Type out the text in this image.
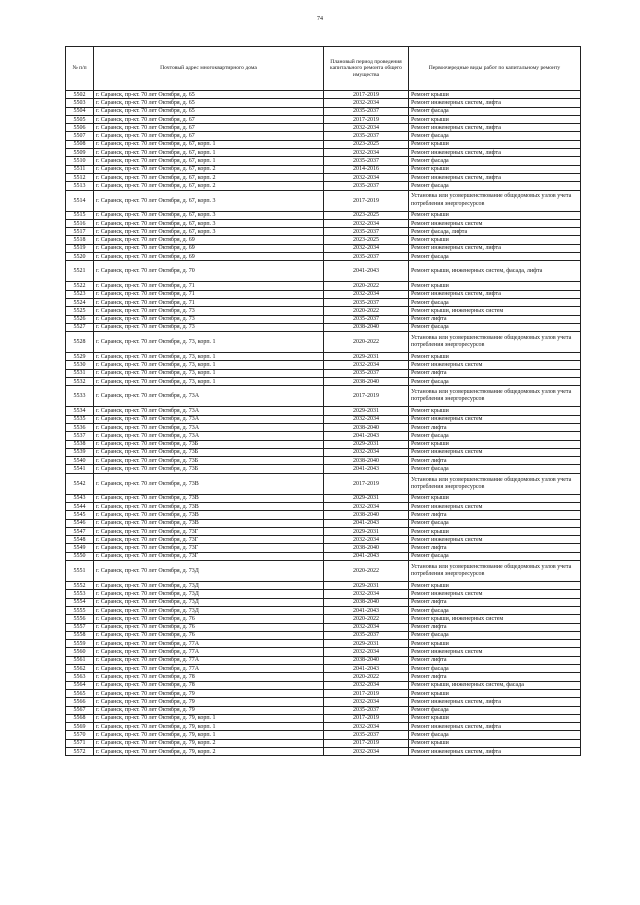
74
№ п/п	Почтовый адрес многоквартирного дома	Плановый период проведения капитального ремонта общего имущества	Первоочередные виды работ по капитальному ремонту
5502	г. Саранск, пр-кт. 70 лет Октября, д. 65	2017-2019	Ремонт крыши
5503	г. Саранск, пр-кт. 70 лет Октября, д. 65	2032-2034	Ремонт инженерных систем, лифта
5504	г. Саранск, пр-кт. 70 лет Октября, д. 65	2035-2037	Ремонт фасада
5505	г. Саранск, пр-кт. 70 лет Октября, д. 67	2017-2019	Ремонт крыши
5506	г. Саранск, пр-кт. 70 лет Октября, д. 67	2032-2034	Ремонт инженерных систем, лифта
5507	г. Саранск, пр-кт. 70 лет Октября, д. 67	2035-2037	Ремонт фасада
5508	г. Саранск, пр-кт. 70 лет Октября, д. 67, корп. 1	2023-2025	Ремонт крыши
5509	г. Саранск, пр-кт. 70 лет Октября, д. 67, корп. 1	2032-2034	Ремонт инженерных систем, лифта
5510	г. Саранск, пр-кт. 70 лет Октября, д. 67, корп. 1	2035-2037	Ремонт фасада
5511	г. Саранск, пр-кт. 70 лет Октября, д. 67, корп. 2	2014-2016	Ремонт крыши
5512	г. Саранск, пр-кт. 70 лет Октября, д. 67, корп. 2	2032-2034	Ремонт инженерных систем, лифта
5513	г. Саранск, пр-кт. 70 лет Октября, д. 67, корп. 2	2035-2037	Ремонт фасада
5514	г. Саранск, пр-кт. 70 лет Октября, д. 67, корп. 3	2017-2019	Установка или усовершенствование общедомовых узлов учета потребления энергоресурсов
5515	г. Саранск, пр-кт. 70 лет Октября, д. 67, корп. 3	2023-2025	Ремонт крыши
5516	г. Саранск, пр-кт. 70 лет Октября, д. 67, корп. 3	2032-2034	Ремонт инженерных систем
5517	г. Саранск, пр-кт. 70 лет Октября, д. 67, корп. 3	2035-2037	Ремонт фасада, лифта
5518	г. Саранск, пр-кт. 70 лет Октября, д. 69	2023-2025	Ремонт крыши
5519	г. Саранск, пр-кт. 70 лет Октября, д. 69	2032-2034	Ремонт инженерных систем, лифта
5520	г. Саранск, пр-кт. 70 лет Октября, д. 69	2035-2037	Ремонт фасада
5521	г. Саранск, пр-кт. 70 лет Октября, д. 70	2041-2043	Ремонт крыши, инженерных систем, фасада, лифта
5522	г. Саранск, пр-кт. 70 лет Октября, д. 71	2020-2022	Ремонт крыши
5523	г. Саранск, пр-кт. 70 лет Октября, д. 71	2032-2034	Ремонт инженерных систем, лифта
5524	г. Саранск, пр-кт. 70 лет Октября, д. 71	2035-2037	Ремонт фасада
5525	г. Саранск, пр-кт. 70 лет Октября, д. 73	2020-2022	Ремонт крыши, инженерных систем
5526	г. Саранск, пр-кт. 70 лет Октября, д. 73	2035-2037	Ремонт лифта
5527	г. Саранск, пр-кт. 70 лет Октября, д. 73	2038-2040	Ремонт фасада
5528	г. Саранск, пр-кт. 70 лет Октября, д. 73, корп. 1	2020-2022	Установка или усовершенствование общедомовых узлов учета потребления энергоресурсов
5529	г. Саранск, пр-кт. 70 лет Октября, д. 73, корп. 1	2029-2031	Ремонт крыши
5530	г. Саранск, пр-кт. 70 лет Октября, д. 73, корп. 1	2032-2034	Ремонт инженерных систем
5531	г. Саранск, пр-кт. 70 лет Октября, д. 73, корп. 1	2035-2037	Ремонт лифта
5532	г. Саранск, пр-кт. 70 лет Октября, д. 73, корп. 1	2038-2040	Ремонт фасада
5533	г. Саранск, пр-кт. 70 лет Октября, д. 73А	2017-2019	Установка или усовершенствование общедомовых узлов учета потребления энергоресурсов
5534	г. Саранск, пр-кт. 70 лет Октября, д. 73А	2029-2031	Ремонт крыши
5535	г. Саранск, пр-кт. 70 лет Октября, д. 73А	2032-2034	Ремонт инженерных систем
5536	г. Саранск, пр-кт. 70 лет Октября, д. 73А	2038-2040	Ремонт лифта
5537	г. Саранск, пр-кт. 70 лет Октября, д. 73А	2041-2043	Ремонт фасада
5538	г. Саранск, пр-кт. 70 лет Октября, д. 73Б	2029-2031	Ремонт крыши
5539	г. Саранск, пр-кт. 70 лет Октября, д. 73Б	2032-2034	Ремонт инженерных систем
5540	г. Саранск, пр-кт. 70 лет Октября, д. 73Б	2038-2040	Ремонт лифта
5541	г. Саранск, пр-кт. 70 лет Октября, д. 73Б	2041-2043	Ремонт фасада
5542	г. Саранск, пр-кт. 70 лет Октября, д. 73В	2017-2019	Установка или усовершенствование общедомовых узлов учета потребления энергоресурсов
5543	г. Саранск, пр-кт. 70 лет Октября, д. 73В	2029-2031	Ремонт крыши
5544	г. Саранск, пр-кт. 70 лет Октября, д. 73В	2032-2034	Ремонт инженерных систем
5545	г. Саранск, пр-кт. 70 лет Октября, д. 73В	2038-2040	Ремонт лифта
5546	г. Саранск, пр-кт. 70 лет Октября, д. 73В	2041-2043	Ремонт фасада
5547	г. Саранск, пр-кт. 70 лет Октября, д. 73Г	2029-2031	Ремонт крыши
5548	г. Саранск, пр-кт. 70 лет Октября, д. 73Г	2032-2034	Ремонт инженерных систем
5549	г. Саранск, пр-кт. 70 лет Октября, д. 73Г	2038-2040	Ремонт лифта
5550	г. Саранск, пр-кт. 70 лет Октября, д. 73Г	2041-2043	Ремонт фасада
5551	г. Саранск, пр-кт. 70 лет Октября, д. 73Д	2020-2022	Установка или усовершенствование общедомовых узлов учета потребления энергоресурсов
5552	г. Саранск, пр-кт. 70 лет Октября, д. 73Д	2029-2031	Ремонт крыши
5553	г. Саранск, пр-кт. 70 лет Октября, д. 73Д	2032-2034	Ремонт инженерных систем
5554	г. Саранск, пр-кт. 70 лет Октября, д. 73Д	2038-2040	Ремонт лифта
5555	г. Саранск, пр-кт. 70 лет Октября, д. 73Д	2041-2043	Ремонт фасада
5556	г. Саранск, пр-кт. 70 лет Октября, д. 76	2020-2022	Ремонт крыши, инженерных систем
5557	г. Саранск, пр-кт. 70 лет Октября, д. 76	2032-2034	Ремонт лифта
5558	г. Саранск, пр-кт. 70 лет Октября, д. 76	2035-2037	Ремонт фасада
5559	г. Саранск, пр-кт. 70 лет Октября, д. 77А	2029-2031	Ремонт крыши
5560	г. Саранск, пр-кт. 70 лет Октября, д. 77А	2032-2034	Ремонт инженерных систем
5561	г. Саранск, пр-кт. 70 лет Октября, д. 77А	2038-2040	Ремонт лифта
5562	г. Саранск, пр-кт. 70 лет Октября, д. 77А	2041-2043	Ремонт фасада
5563	г. Саранск, пр-кт. 70 лет Октября, д. 78	2020-2022	Ремонт лифта
5564	г. Саранск, пр-кт. 70 лет Октября, д. 78	2032-2034	Ремонт крыши, инженерных систем, фасада
5565	г. Саранск, пр-кт. 70 лет Октября, д. 79	2017-2019	Ремонт крыши
5566	г. Саранск, пр-кт. 70 лет Октября, д. 79	2032-2034	Ремонт инженерных систем, лифта
5567	г. Саранск, пр-кт. 70 лет Октября, д. 79	2035-2037	Ремонт фасада
5568	г. Саранск, пр-кт. 70 лет Октября, д. 79, корп. 1	2017-2019	Ремонт крыши
5569	г. Саранск, пр-кт. 70 лет Октября, д. 79, корп. 1	2032-2034	Ремонт инженерных систем, лифта
5570	г. Саранск, пр-кт. 70 лет Октября, д. 79, корп. 1	2035-2037	Ремонт фасада
5571	г. Саранск, пр-кт. 70 лет Октября, д. 79, корп. 2	2017-2019	Ремонт крыши
5572	г. Саранск, пр-кт. 70 лет Октября, д. 79, корп. 2	2032-2034	Ремонт инженерных систем, лифта
